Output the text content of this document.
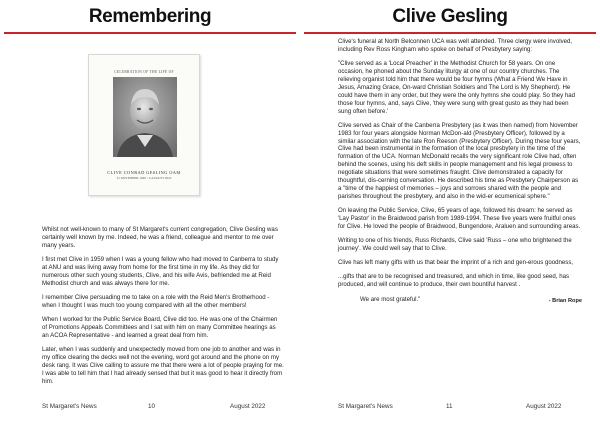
Remembering
CELEBRATION OF THE LIFE OF
CLIVE CONRAD GESLING OAM
21 NOVEMBER 1940 ~ 6 AUGUST 2022

Whilst not well-known to many of St Margaret's current congregation, Clive Gesling was certainly well known by me. Indeed, he was a friend, colleague and mentor to me over many years.

I first met Clive in 1959 when I was a young fellow who had moved to Canberra to study at ANU and was living away from home for the first time in my life. As they did for numerous other such young students, Clive, and his wife Avis, befriended me at Reid Methodist church and was always there for me.

I remember Clive persuading me to take on a role with the Reid Men's Brotherhood - when I thought I was much too young compared with all the other members!

When I worked for the Public Service Board, Clive did too. He was one of the Chairmen of Promotions Appeals Committees and I sat with him on many Committee hearings as an ACOA Representative - and learned a great deal from him.

Later, when I was suddenly and unexpectedly moved from one job to another and was in my office clearing the decks well not the evening, word got around and the phone on my desk rang. It was Clive calling to assure me that there were a lot of people praying for me. I was able to tell him that I had already sensed that but it was good to hear it directly from him.

St Margaret's News	10	August 2022
Clive Gesling

Clive's funeral at North Belconnen UCA was well attended. Three clergy were involved, including Rev Ross Kingham who spoke on behalf of Presbytery saying:

"Clive served as a 'Local Preacher' in the Methodist Church for 58 years. On one occasion, he phoned about the Sunday liturgy at one of our country churches. The relieving organist told him that there would be four hymns (What a Friend We Have in Jesus, Amazing Grace, On-ward Christian Soldiers and The Lord is My Shepherd). He could have them in any order, but they were the only hymns she could play. So they had those four hymns, and, says Clive, 'they were sung with great gusto as they had been sung often before.'

Clive served as Chair of the Canberra Presbytery (as it was then named) from November 1983 for four years alongside Norman McDon-ald (Presbytery Officer), followed by a similar association with the late Ron Reeson (Presbytery Officer). During these four years, Clive had been instrumental in the formation of the local presbytery in the time of the formation of the UCA. Norman McDonald recalls the very significant role Clive had, often behind the scenes, using his deft skills in people management and his legal prowess to negotiate situations that were sometimes fraught. Clive demonstrated a capacity for thoughtful, dis-cerning conversation. He described his time as Presbytery Chairperson as a "time of the happiest of memories – joys and sorrows shared with the people and parishes throughout the presbytery, and also in the wid-er ecumenical sphere."

On leaving the Public Service, Clive, 65 years of age, followed his dream: he served as 'Lay Pastor' in the Braidwood parish from 1989-1994. These five years were fruitful ones for Clive. He loved the people of Braidwood, Bungendore, Araluen and surrounding areas.

Writing to one of his friends, Russ Richards, Clive said 'Russ – one who brightened the journey'. We could well say that to Clive.

Clive has left many gifts with us that bear the imprint of a rich and gen-erous goodness,

...gifts that are to be recognised and treasured, and which in time, like good seed, has produced, and will continue to produce, their own bountiful harvest .

We are most grateful."	- Brian Rope

St Margaret's News	11	August 2022
